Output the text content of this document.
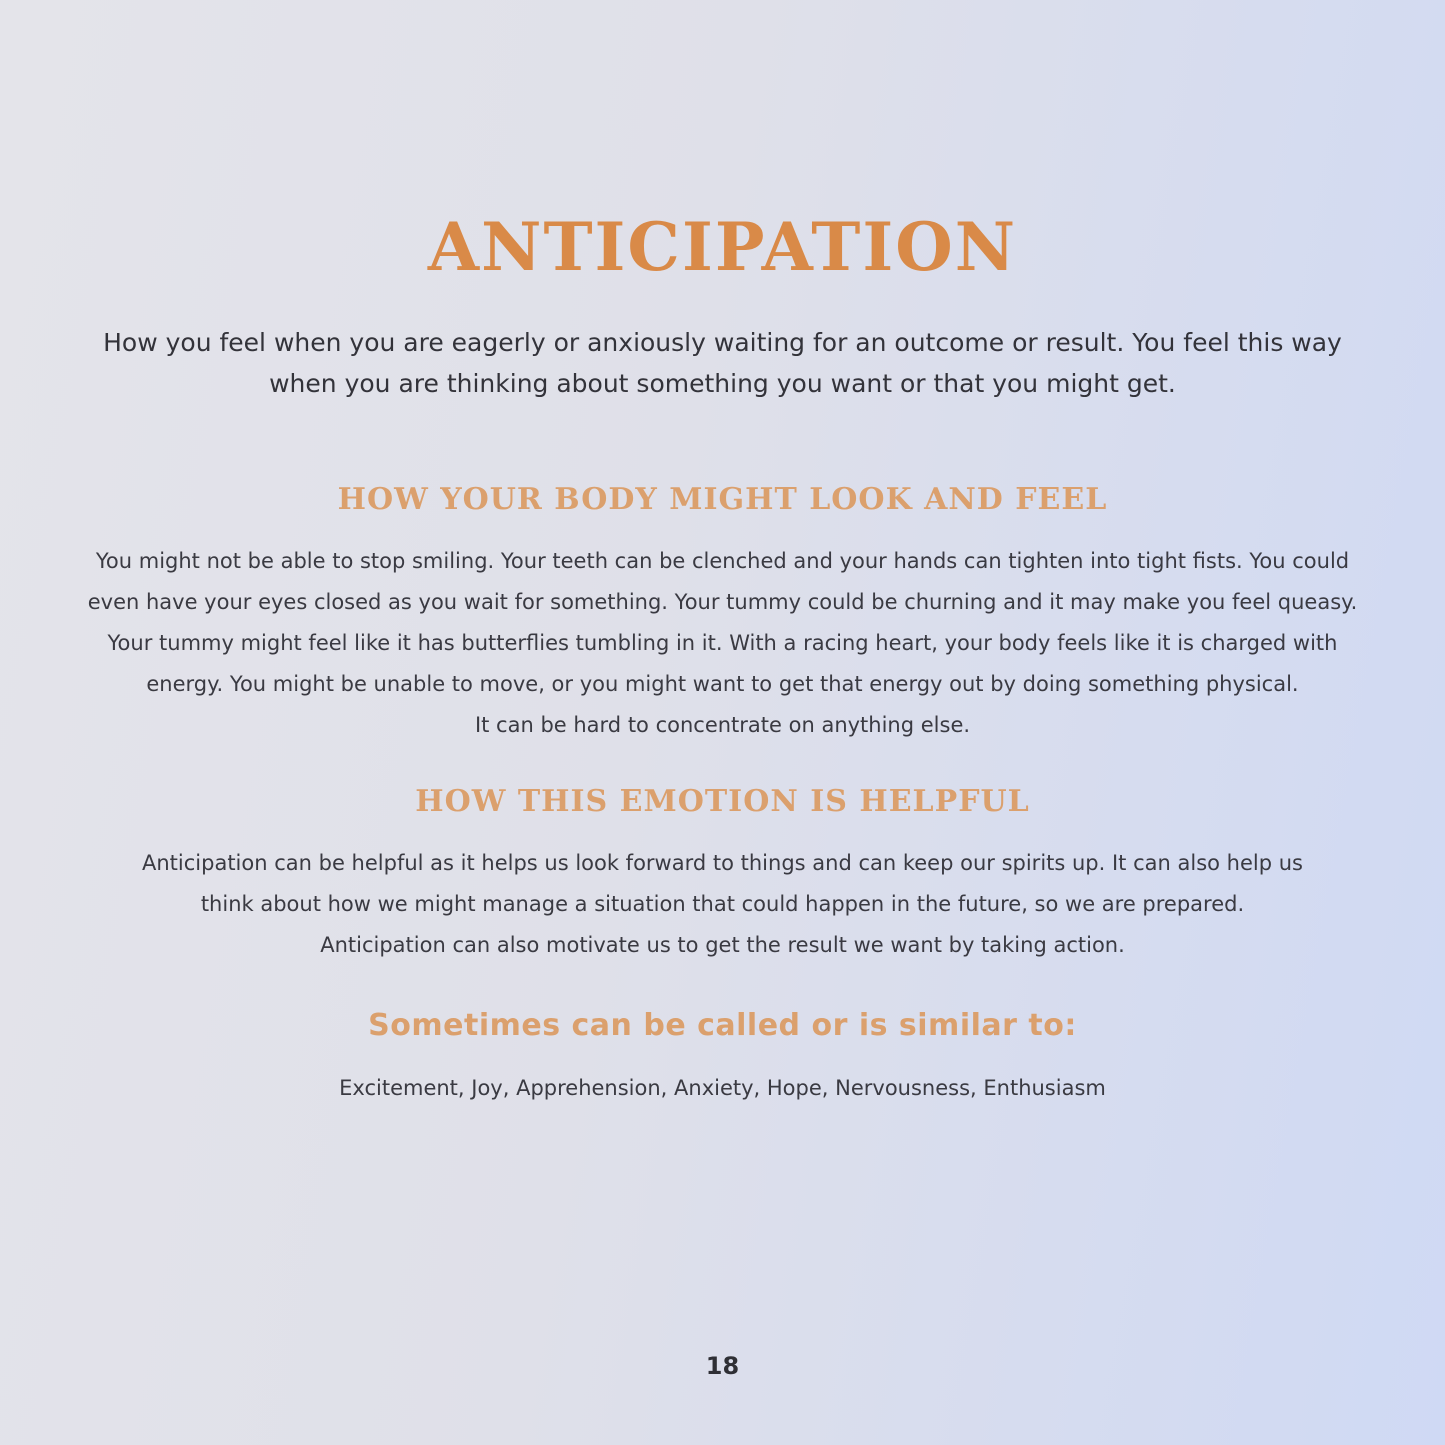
ANTICIPATION

How you feel when you are eagerly or anxiously waiting for an outcome or result. You feel this way
when you are thinking about something you want or that you might get.

HOW YOUR BODY MIGHT LOOK AND FEEL

You might not be able to stop smiling. Your teeth can be clenched and your hands can tighten into tight fists. You could
even have your eyes closed as you wait for something. Your tummy could be churning and it may make you feel queasy.
Your tummy might feel like it has butterflies tumbling in it. With a racing heart, your body feels like it is charged with
energy. You might be unable to move, or you might want to get that energy out by doing something physical.
It can be hard to concentrate on anything else.

HOW THIS EMOTION IS HELPFUL

Anticipation can be helpful as it helps us look forward to things and can keep our spirits up. It can also help us
think about how we might manage a situation that could happen in the future, so we are prepared.
Anticipation can also motivate us to get the result we want by taking action.

Sometimes can be called or is similar to:

Excitement, Joy, Apprehension, Anxiety, Hope, Nervousness, Enthusiasm

18
